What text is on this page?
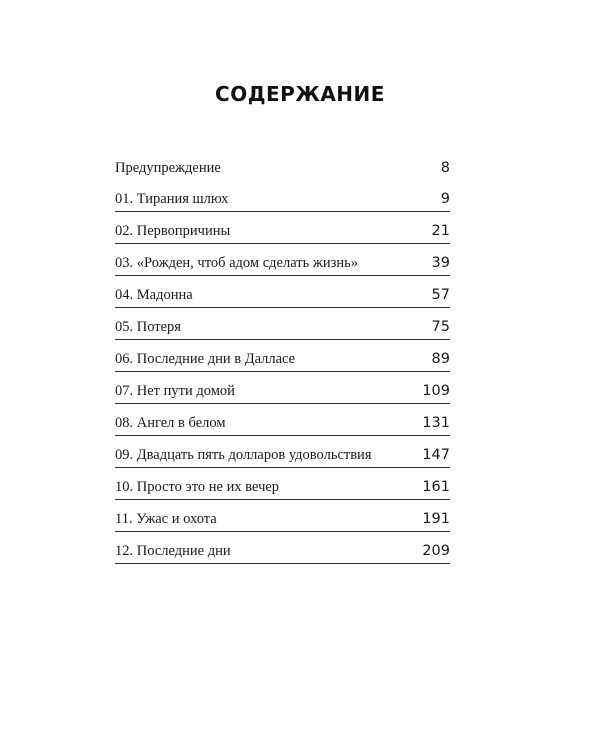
СОДЕРЖАНИЕ
Предупреждение	8
01. Тирания шлюх	9
02. Первопричины	21
03. «Рожден, чтоб адом сделать жизнь»	39
04. Мадонна	57
05. Потеря	75
06. Последние дни в Далласе	89
07. Нет пути домой	109
08. Ангел в белом	131
09. Двадцать пять долларов удовольствия	147
10. Просто это не их вечер	161
11. Ужас и охота	191
12. Последние дни	209
